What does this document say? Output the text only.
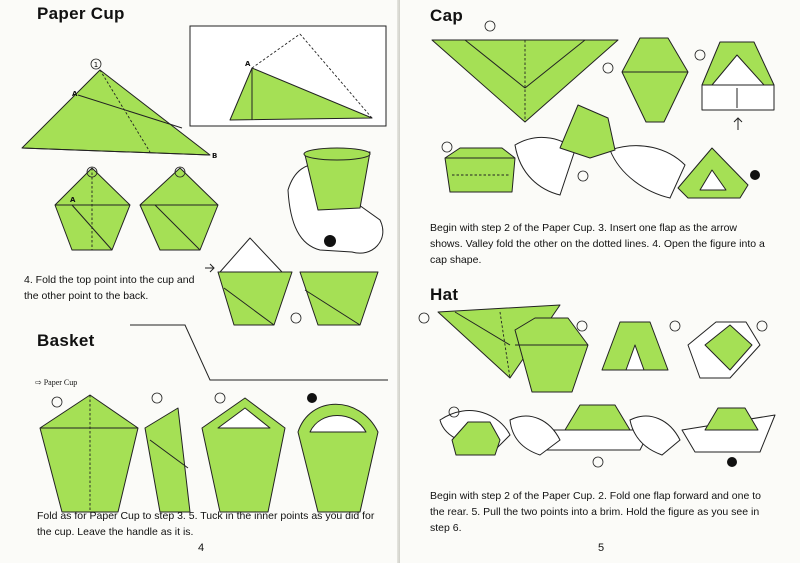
Paper Cup
1
A
B
A
A
4. Fold the top point into the cup and the other point to the back.
Basket
⇨ Paper Cup
Fold as for Paper Cup to step 3. 5. Tuck in the inner points as you did for the cup. Leave the handle as it is.
4
Cap
Begin with step 2 of the Paper Cup. 3. Insert one flap as the arrow shows. Valley fold the other on the dotted lines. 4. Open the figure into a cap shape.
Hat
Begin with step 2 of the Paper Cup. 2. Fold one flap forward and one to the rear. 5. Pull the two points into a brim. Hold the figure as you see in step 6.
5
